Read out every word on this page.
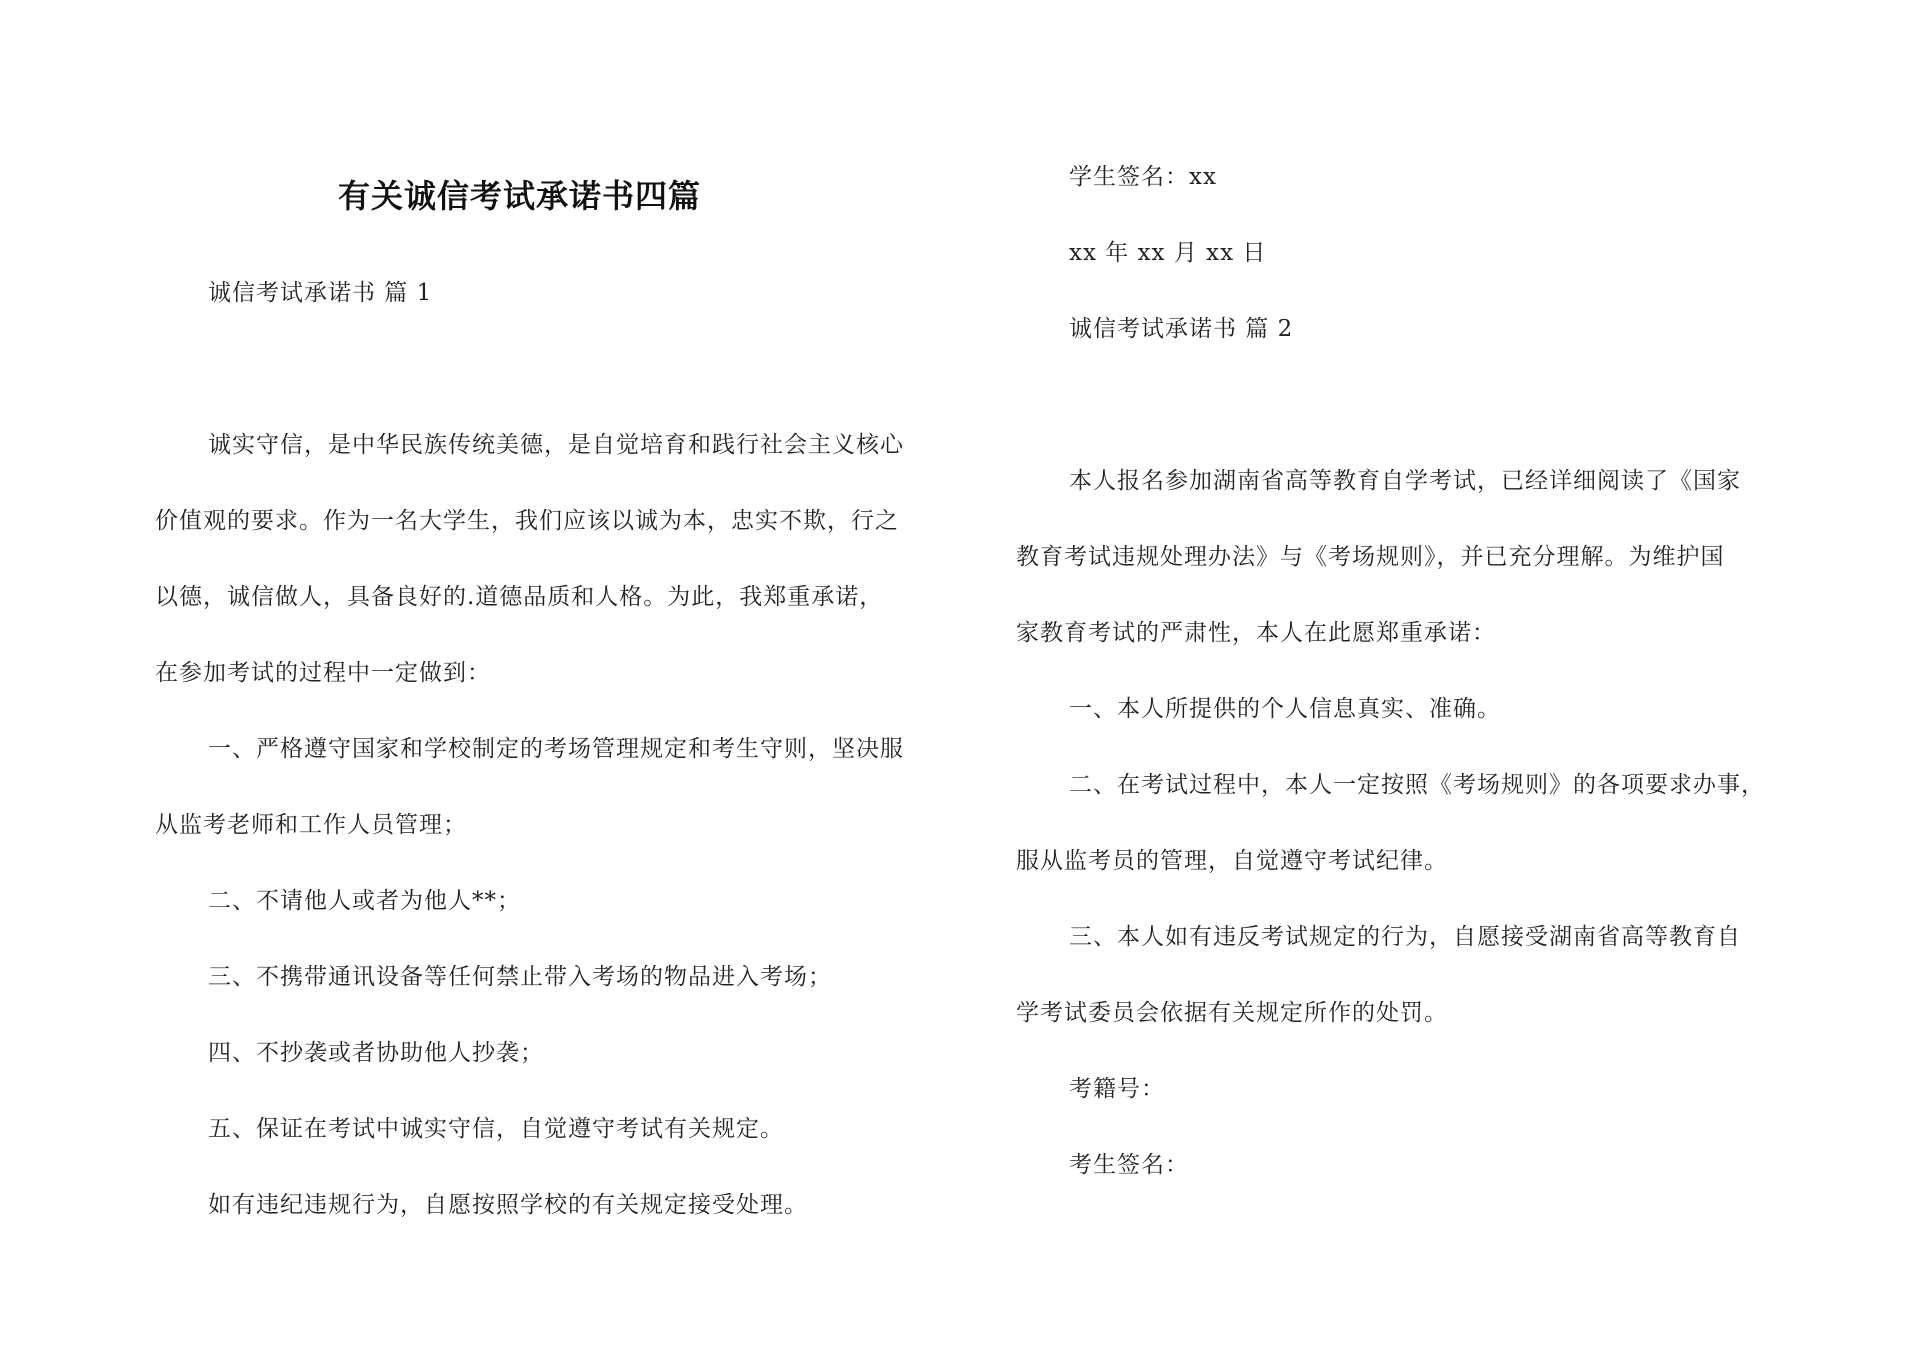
有关诚信考试承诺书四篇
诚信考试承诺书 篇 1
诚实守信，是中华民族传统美德，是自觉培育和践行社会主义核心
价值观的要求。作为一名大学生，我们应该以诚为本，忠实不欺，行之
以德，诚信做人，具备良好的.道德品质和人格。为此，我郑重承诺，
在参加考试的过程中一定做到：
一、严格遵守国家和学校制定的考场管理规定和考生守则，坚决服
从监考老师和工作人员管理；
二、不请他人或者为他人**；
三、不携带通讯设备等任何禁止带入考场的物品进入考场；
四、不抄袭或者协助他人抄袭；
五、保证在考试中诚实守信，自觉遵守考试有关规定。
如有违纪违规行为，自愿按照学校的有关规定接受处理。
学生签名：xx
xx 年 xx 月 xx 日
诚信考试承诺书 篇 2
本人报名参加湖南省高等教育自学考试，已经详细阅读了《国家
教育考试违规处理办法》与《考场规则》，并已充分理解。为维护国
家教育考试的严肃性，本人在此愿郑重承诺：
一、本人所提供的个人信息真实、准确。
二、在考试过程中，本人一定按照《考场规则》的各项要求办事，
服从监考员的管理，自觉遵守考试纪律。
三、本人如有违反考试规定的行为，自愿接受湖南省高等教育自
学考试委员会依据有关规定所作的处罚。
考籍号：
考生签名：
